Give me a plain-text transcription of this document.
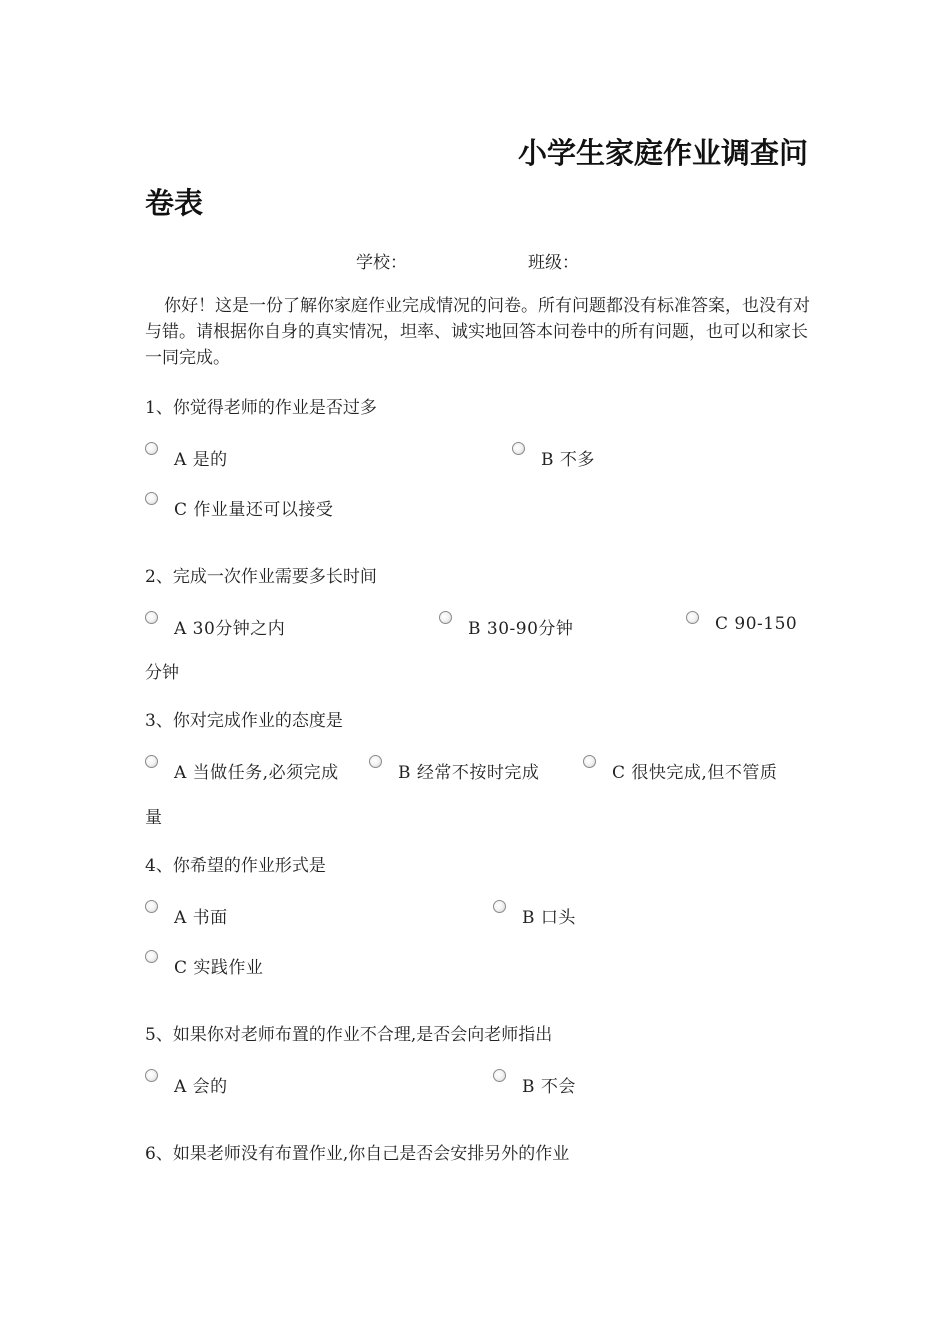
小学生家庭作业调查问
卷表
学校：	班级：
你好！这是一份了解你家庭作业完成情况的问卷。所有问题都没有标准答案，也没有对与错。请根据你自身的真实情况，坦率、诚实地回答本问卷中的所有问题，也可以和家长一同完成。
1、你觉得老师的作业是否过多
A 是的	B 不多
C 作业量还可以接受
2、完成一次作业需要多长时间
A 30分钟之内	B 30-90分钟	C 90-150
分钟
3、你对完成作业的态度是
A 当做任务,必须完成	B 经常不按时完成	C 很快完成,但不管质
量
4、你希望的作业形式是
A 书面	B 口头
C 实践作业
5、如果你对老师布置的作业不合理,是否会向老师指出
A 会的	B 不会
6、如果老师没有布置作业,你自己是否会安排另外的作业
